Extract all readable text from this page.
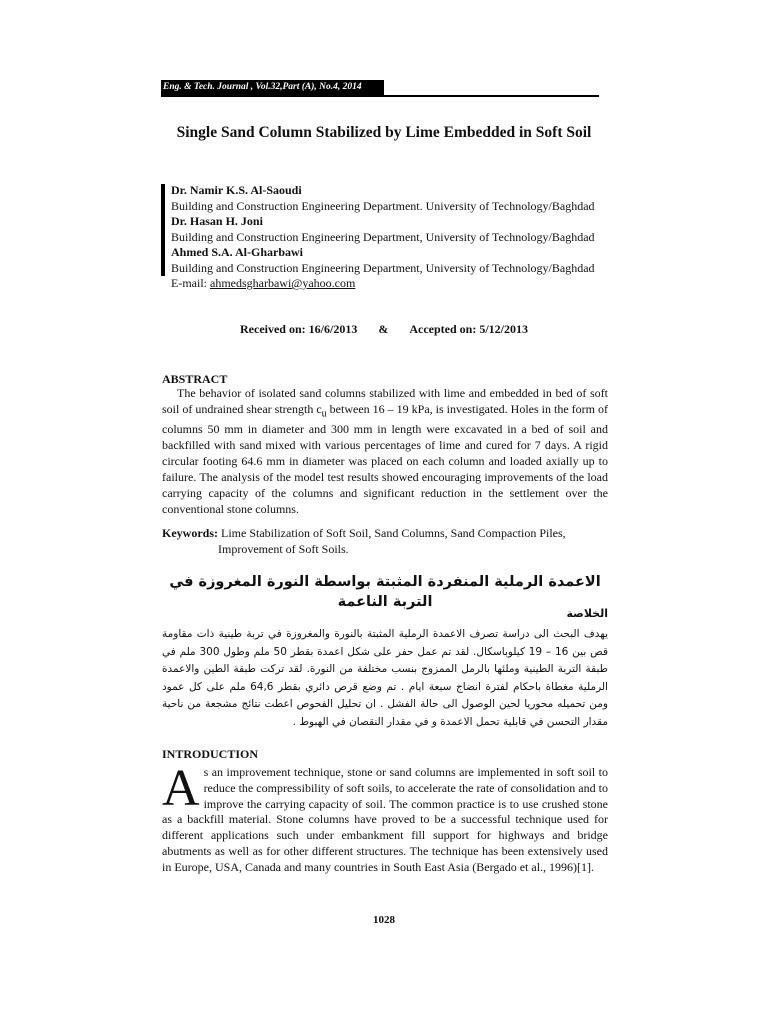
Eng. & Tech. Journal , Vol.32,Part (A), No.4, 2014
Single Sand Column Stabilized by Lime Embedded in Soft Soil
Dr. Namir K.S. Al-Saoudi
Building and Construction Engineering Department. University of Technology/Baghdad
Dr. Hasan H. Joni
Building and Construction Engineering Department, University of Technology/Baghdad
Ahmed S.A. Al-Gharbawi
Building and Construction Engineering Department, University of Technology/Baghdad
E-mail: ahmedsgharbawi@yahoo.com
Received on: 16/6/2013 & Accepted on: 5/12/2013
ABSTRACT
The behavior of isolated sand columns stabilized with lime and embedded in bed of soft soil of undrained shear strength $c_u$ between 16 – 19 kPa, is investigated. Holes in the form of columns 50 mm in diameter and 300 mm in length were excavated in a bed of soil and backfilled with sand mixed with various percentages of lime and cured for 7 days. A rigid circular footing 64.6 mm in diameter was placed on each column and loaded axially up to failure. The analysis of the model test results showed encouraging improvements of the load carrying capacity of the columns and significant reduction in the settlement over the conventional stone columns.
Keywords: Lime Stabilization of Soft Soil, Sand Columns, Sand Compaction Piles,
Improvement of Soft Soils.
الاعمدة الرملية المنفردة المثبتة بواسطة النورة المغروزة في التربة الناعمة
الخلاصة
يهدف البحث الى دراسة تصرف الاعمدة الرملية المثبتة بالنورة والمغروزة في تربة طينية ذات مقاومة قص بين 16 – 19 كيلوباسكال. لقد تم عمل حفر على شكل اعمدة بقطر 50 ملم وطول 300 ملم في طبقة التربة الطينية وملئها بالرمل الممزوج بنسب مختلفة من النورة. لقد تركت طبقة الطين والاعمدة الرملية مغطاة باحكام لفترة انضاج سبعة ايام . تم وضع قرص دائري بقطر 64,6 ملم على كل عمود ومن تحميله محوريا لحين الوصول الى حالة الفشل . ان تحليل الفحوص اعطت نتائج مشجعة من ناحية مقدار التحسن في قابلية تحمل الاعمدة و في مقدار النقصان في الهبوط .
INTRODUCTION
As an improvement technique, stone or sand columns are implemented in soft soil to reduce the compressibility of soft soils, to accelerate the rate of consolidation and to improve the carrying capacity of soil. The common practice is to use crushed stone as a backfill material. Stone columns have proved to be a successful technique used for different applications such under embankment fill support for highways and bridge abutments as well as for other different structures. The technique has been extensively used in Europe, USA, Canada and many countries in South East Asia (Bergado et al., 1996)[1].
1028
